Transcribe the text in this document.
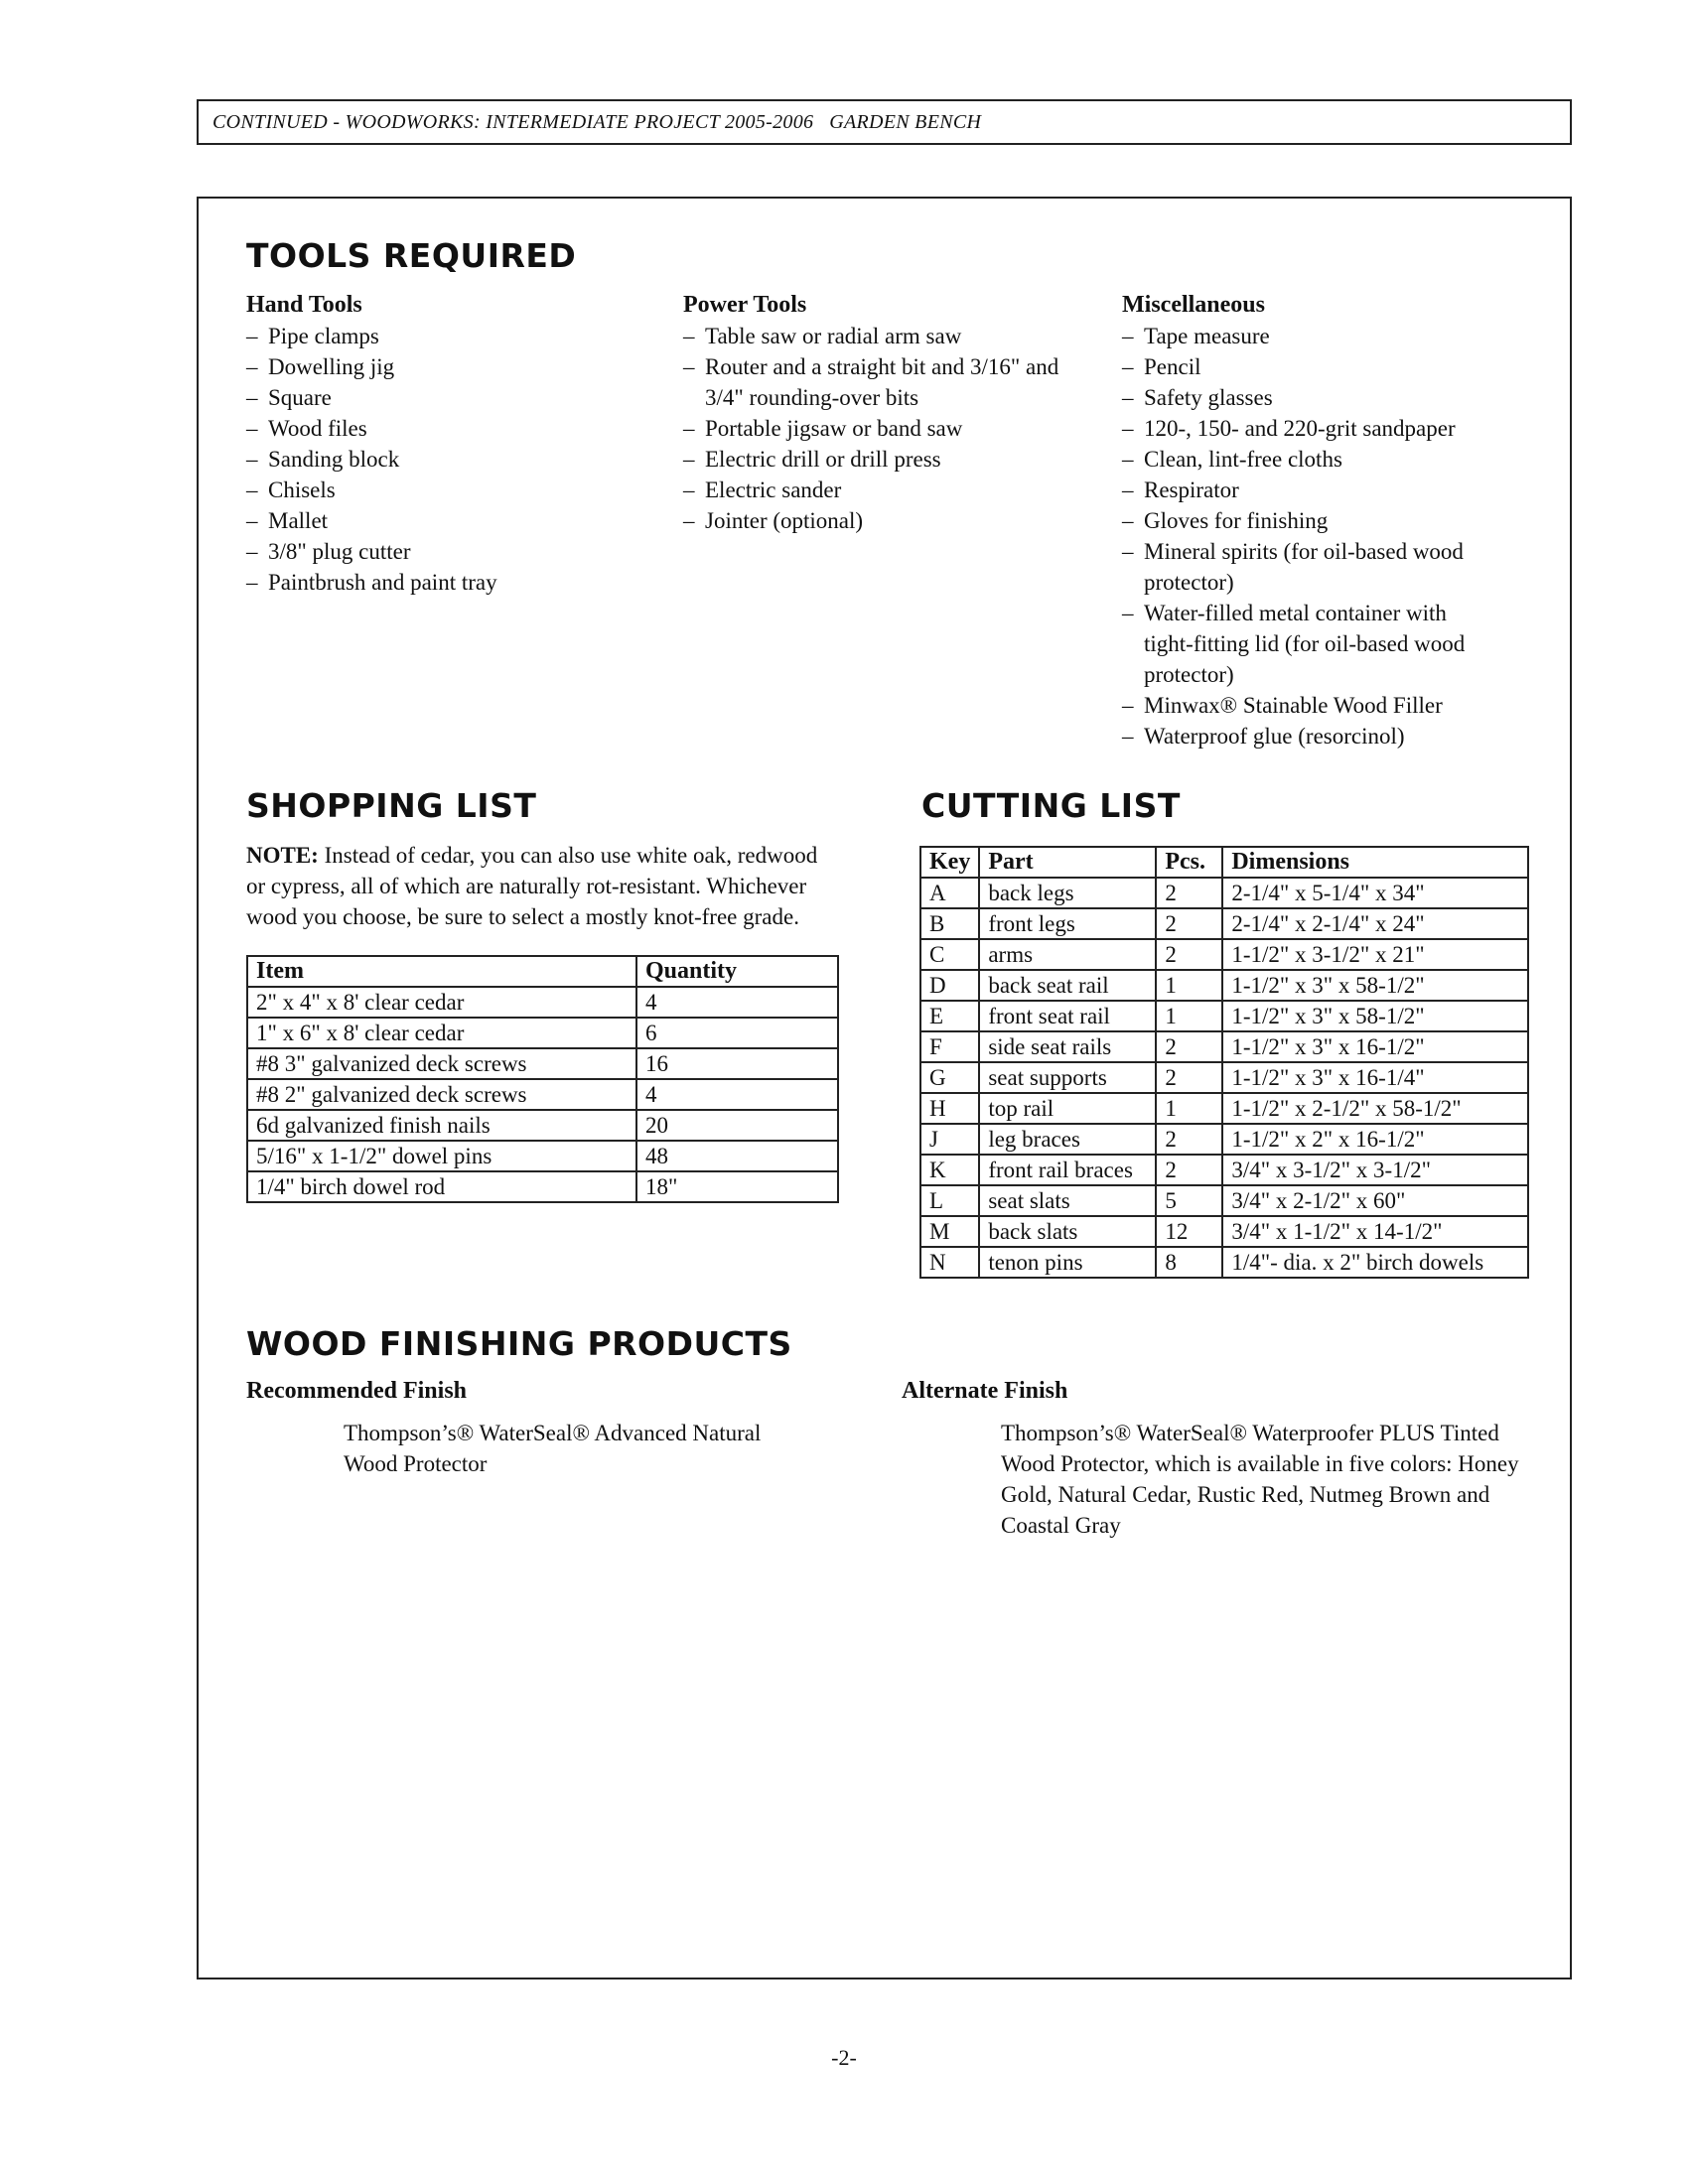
CONTINUED - WOODWORKS: INTERMEDIATE PROJECT 2005-2006   GARDEN BENCH
TOOLS REQUIRED
Hand Tools
– Pipe clamps
– Dowelling jig
– Square
– Wood files
– Sanding block
– Chisels
– Mallet
– 3/8" plug cutter
– Paintbrush and paint tray
Power Tools
– Table saw or radial arm saw
– Router and a straight bit and 3/16" and 3/4" rounding-over bits
– Portable jigsaw or band saw
– Electric drill or drill press
– Electric sander
– Jointer (optional)
Miscellaneous
– Tape measure
– Pencil
– Safety glasses
– 120-, 150- and 220-grit sandpaper
– Clean, lint-free cloths
– Respirator
– Gloves for finishing
– Mineral spirits (for oil-based wood protector)
– Water-filled metal container with tight-fitting lid (for oil-based wood protector)
– Minwax® Stainable Wood Filler
– Waterproof glue (resorcinol)
SHOPPING LIST
NOTE: Instead of cedar, you can also use white oak, redwood or cypress, all of which are naturally rot-resistant. Whichever wood you choose, be sure to select a mostly knot-free grade.
Item	Quantity
2" x 4" x 8' clear cedar	4
1" x 6" x 8' clear cedar	6
#8 3" galvanized deck screws	16
#8 2" galvanized deck screws	4
6d galvanized finish nails	20
5/16" x 1-1/2" dowel pins	48
1/4" birch dowel rod	18"
CUTTING LIST
Key	Part	Pcs.	Dimensions
A	back legs	2	2-1/4" x 5-1/4" x 34"
B	front legs	2	2-1/4" x 2-1/4" x 24"
C	arms	2	1-1/2" x 3-1/2" x 21"
D	back seat rail	1	1-1/2" x 3" x 58-1/2"
E	front seat rail	1	1-1/2" x 3" x 58-1/2"
F	side seat rails	2	1-1/2" x 3" x 16-1/2"
G	seat supports	2	1-1/2" x 3" x 16-1/4"
H	top rail	1	1-1/2" x 2-1/2" x 58-1/2"
J	leg braces	2	1-1/2" x 2" x 16-1/2"
K	front rail braces	2	3/4" x 3-1/2" x 3-1/2"
L	seat slats	5	3/4" x 2-1/2" x 60"
M	back slats	12	3/4" x 1-1/2" x 14-1/2"
N	tenon pins	8	1/4"- dia. x 2" birch dowels
WOOD FINISHING PRODUCTS
Recommended Finish
Thompson’s® WaterSeal® Advanced Natural Wood Protector
Alternate Finish
Thompson’s® WaterSeal® Waterproofer PLUS Tinted Wood Protector, which is available in five colors: Honey Gold, Natural Cedar, Rustic Red, Nutmeg Brown and Coastal Gray
-2-
